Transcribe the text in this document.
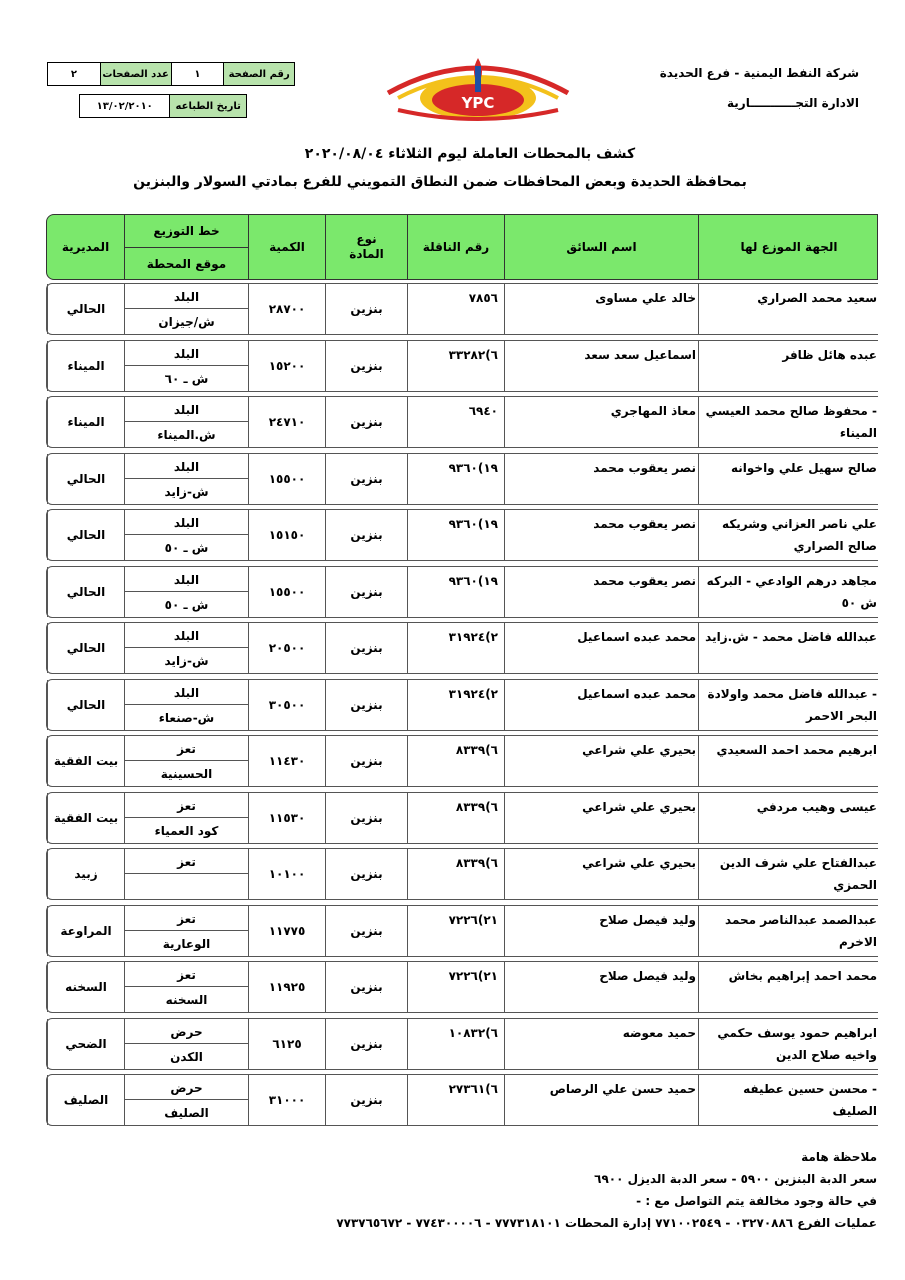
رقم الصفحة
١
عدد الصفحات
٢
تاريخ الطباعه
١٣/٠٢/٢٠١٠	YPC
شركة النفط اليمنية - فرع الحديدة
الادارة التجـــــــــــارية
كشف بالمحطات العاملة ليوم الثلاثاء ٢٠٢٠/٠٨/٠٤
بمحافظة الحديدة وبعض المحافظات ضمن النطاق التمويني للفرع بمادتي السولار والبنزين
الجهة الموزع لها
اسم السائق
رقم الناقلة
نوع المادة
الكمية
خط التوزيع
موقع المحطة
المديرية
سعيد محمد الصراري
خالد علي مساوى
٧٨٥٦
بنزين
٢٨٧٠٠
البلد
ش/جيزان
الحالي
عبده هائل ظافر
اسماعيل سعد سعد
٦)٣٣٢٨٢
بنزين
١٥٢٠٠
البلد
ش ـ ٦٠
الميناء
- محفوظ صالح محمد العيسي الميناء
معاذ المهاجري
٦٩٤٠
بنزين
٢٤٧١٠
البلد
ش.الميناء
الميناء
صالح سهيل علي واخوانه
نصر يعقوب محمد
١٩)٩٣٦٠
بنزين
١٥٥٠٠
البلد
ش-زايد
الحالي
علي ناصر العزاني وشريكه صالح الصراري
نصر يعقوب محمد
١٩)٩٣٦٠
بنزين
١٥١٥٠
البلد
ش ـ ٥٠
الحالي
مجاهد درهم الوادعي - البركه ش ٥٠
نصر يعقوب محمد
١٩)٩٣٦٠
بنزين
١٥٥٠٠
البلد
ش ـ ٥٠
الحالي
عبدالله فاضل محمد - ش.زايد
محمد عبده اسماعيل
٢)٣١٩٢٤
بنزين
٢٠٥٠٠
البلد
ش-زايد
الحالي
- عبدالله فاضل محمد واولادة البحر الاحمر
محمد عبده اسماعيل
٢)٣١٩٢٤
بنزين
٣٠٥٠٠
البلد
ش-صنعاء
الحالي
ابرهيم محمد احمد السعيدي
بحيري علي شراعي
٦)٨٣٣٩
بنزين
١١٤٣٠
تعز
الحسينية
بيت الفقية
عيسى وهيب مردفي
بحيري علي شراعي
٦)٨٣٣٩
بنزين
١١٥٣٠
تعز
كود العمياء
بيت الفقية
عبدالفتاح علي شرف الدين الحمزي
بحيري علي شراعي
٦)٨٣٣٩
بنزين
١٠١٠٠
تعز
زبيد
عبدالصمد عبدالناصر محمد الاخرم
وليد فيصل صلاح
٢١)٧٢٢٦
بنزين
١١٧٧٥
تعز
الوعارية
المراوعة
محمد احمد إبراهيم بخاش
وليد فيصل صلاح
٢١)٧٢٢٦
بنزين
١١٩٢٥
تعز
السخنه
السخنه
ابراهيم حمود يوسف حكمي واخيه صلاح الدين
حميد معوضه
٦)١٠٨٣٢
بنزين
٦١٢٥
حرض
الكدن
الضحي
- محسن حسين عطيفه الصليف
حميد حسن علي الرصاص
٦)٢٧٣٦١
بنزين
٣١٠٠٠
حرض
الصليف
الصليف
ملاحظة هامة
سعر الدبة البنزين ٥٩٠٠ - سعر الدبة الديزل ٦٩٠٠
في حالة وجود مخالفة يتم التواصل مع : -
عمليات الفرع ٠٣٢٧٠٨٨٦ - ٧٧١٠٠٢٥٤٩ إدارة المحطات ٧٧٧٣١٨١٠١ - ٧٧٤٣٠٠٠٠٦ - ٧٧٣٧٦٥٦٧٢
